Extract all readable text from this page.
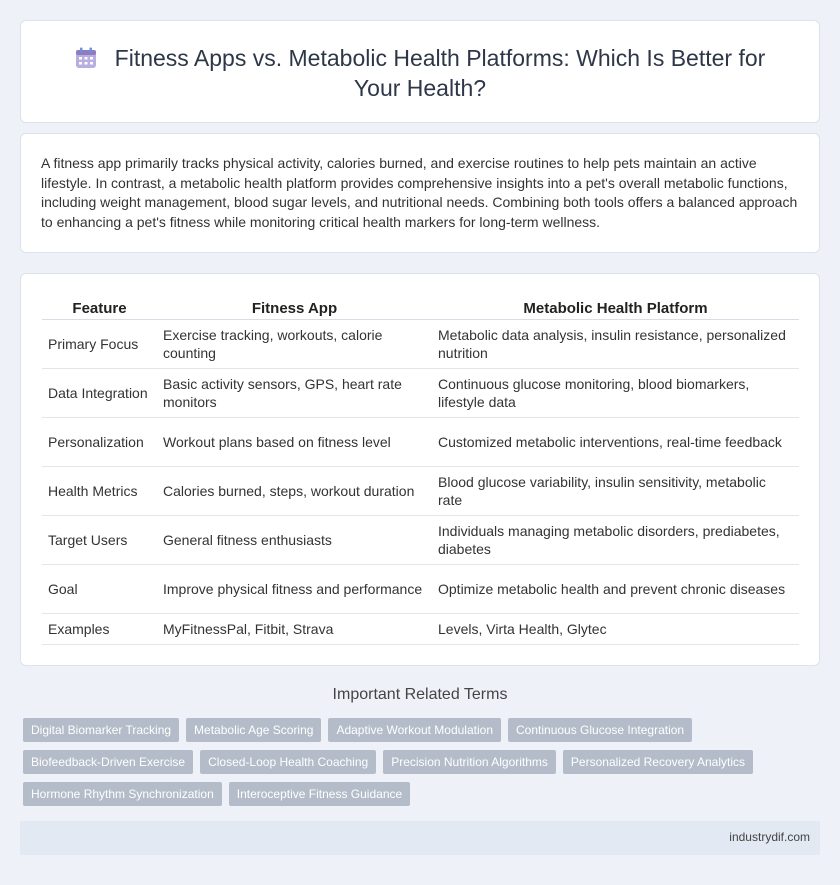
Fitness Apps vs. Metabolic Health Platforms: Which Is Better for Your Health?

A fitness app primarily tracks physical activity, calories burned, and exercise routines to help pets maintain an active lifestyle. In contrast, a metabolic health platform provides comprehensive insights into a pet's overall metabolic functions, including weight management, blood sugar levels, and nutritional needs. Combining both tools offers a balanced approach to enhancing a pet's fitness while monitoring critical health markers for long-term wellness.

Feature	Fitness App	Metabolic Health Platform
Primary Focus	Exercise tracking, workouts, calorie counting	Metabolic data analysis, insulin resistance, personalized nutrition
Data Integration	Basic activity sensors, GPS, heart rate monitors	Continuous glucose monitoring, blood biomarkers, lifestyle data
Personalization	Workout plans based on fitness level	Customized metabolic interventions, real-time feedback
Health Metrics	Calories burned, steps, workout duration	Blood glucose variability, insulin sensitivity, metabolic rate
Target Users	General fitness enthusiasts	Individuals managing metabolic disorders, prediabetes, diabetes
Goal	Improve physical fitness and performance	Optimize metabolic health and prevent chronic diseases
Examples	MyFitnessPal, Fitbit, Strava	Levels, Virta Health, Glytec
Important Related Terms
Digital Biomarker Tracking	Metabolic Age Scoring	Adaptive Workout Modulation	Continuous Glucose Integration
Biofeedback-Driven Exercise	Closed-Loop Health Coaching	Precision Nutrition Algorithms	Personalized Recovery Analytics
Hormone Rhythm Synchronization	Interoceptive Fitness Guidance
industrydif.com
